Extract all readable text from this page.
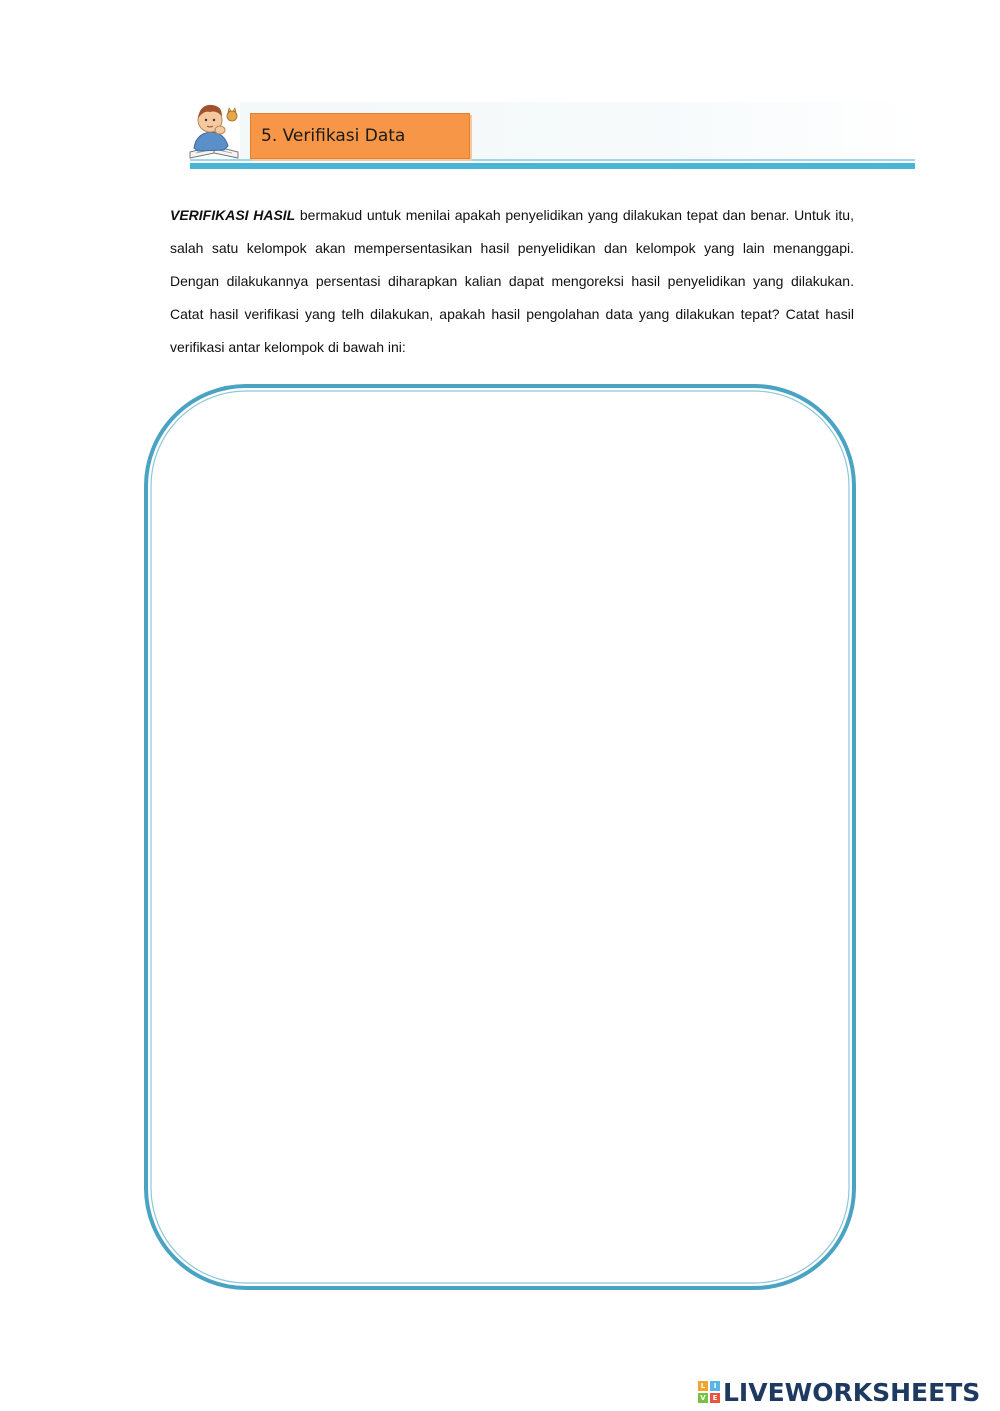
5. Verifikasi Data

VERIFIKASI HASIL bermakud untuk menilai apakah penyelidikan yang dilakukan tepat dan benar. Untuk itu, salah satu kelompok akan mempersentasikan hasil penyelidikan dan kelompok yang lain menanggapi. Dengan dilakukannya persentasi diharapkan kalian dapat mengoreksi hasil penyelidikan yang dilakukan. Catat hasil verifikasi yang telh dilakukan, apakah hasil pengolahan data yang dilakukan tepat? Catat hasil verifikasi antar kelompok di bawah ini:

L	I
V E LIVEWORKSHEETS
